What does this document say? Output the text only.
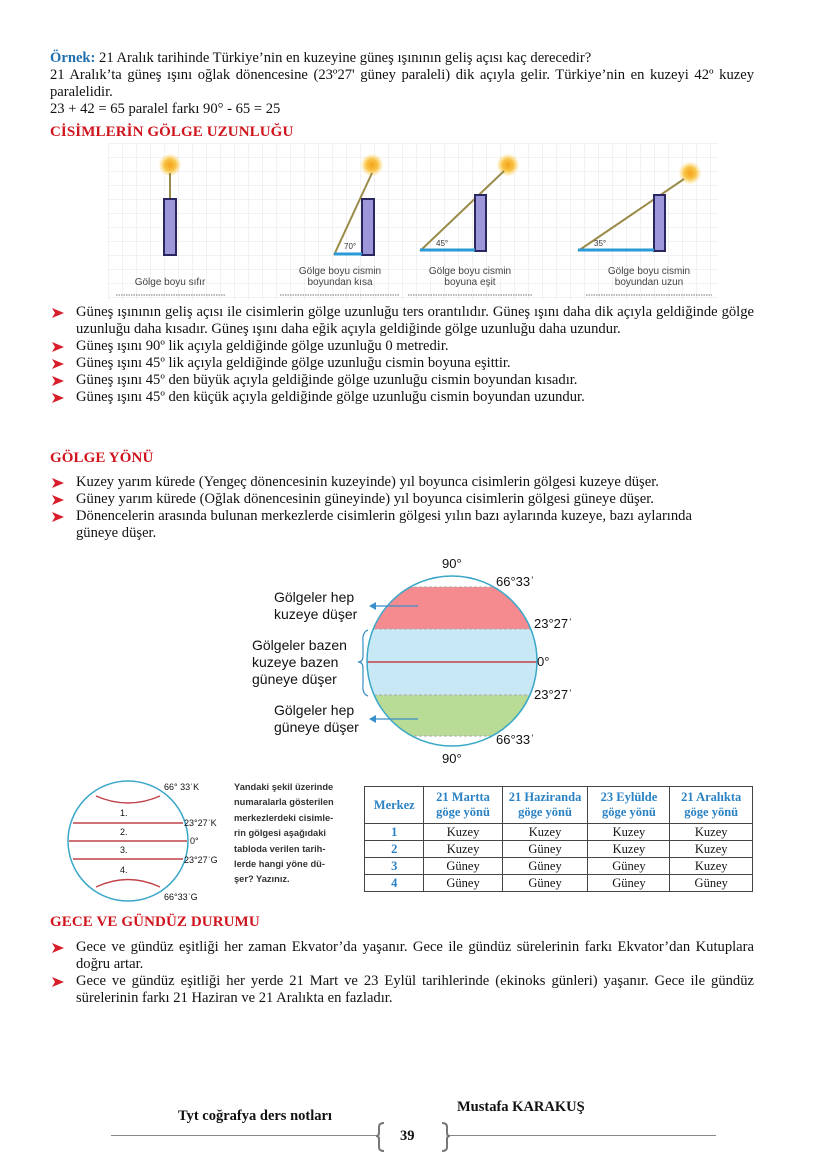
Örnek: 21 Aralık tarihinde Türkiye’nin en kuzeyine güneş ışınının geliş açısı kaç derecedir?
21 Aralık’ta güneş ışını oğlak dönencesine (23º27' güney paraleli) dik açıyla gelir. Türkiye’nin en kuzeyi 42º kuzey paralelidir.
23 + 42 = 65 paralel farkı 90° - 65 = 25
CİSİMLERİN GÖLGE UZUNLUĞU
70°	45°	35°
Gölge boyu sıfır
Gölge boyu cismin
boyundan kısa
Gölge boyu cismin
boyuna eşit
Gölge boyu cismin
boyundan uzun
Güneş ışınının geliş açısı ile cisimlerin gölge uzunluğu ters orantılıdır. Güneş ışını daha dik açıyla geldiğinde gölge uzunluğu daha kısadır. Güneş ışını daha eğik açıyla geldiğinde gölge uzunluğu daha uzundur.
Güneş ışını 90º lik açıyla geldiğinde gölge uzunluğu 0 metredir.
Güneş ışını 45º lik açıyla geldiğinde gölge uzunluğu cismin boyuna eşittir.
Güneş ışını 45º den büyük açıyla geldiğinde gölge uzunluğu cismin boyundan kısadır.
Güneş ışını 45º den küçük açıyla geldiğinde gölge uzunluğu cismin boyundan uzundur.
GÖLGE YÖNÜ
Kuzey yarım kürede (Yengeç dönencesinin kuzeyinde) yıl boyunca cisimlerin gölgesi kuzeye düşer.
Güney yarım kürede (Oğlak dönencesinin güneyinde) yıl boyunca cisimlerin gölgesi güneye düşer.
Dönencelerin arasında bulunan merkezlerde cisimlerin gölgesi yılın bazı aylarında kuzeye, bazı aylarında güneye düşer.
90°
66°33ˈ
23°27ˈ
0°
23°27ˈ
66°33ˈ
90°
Gölgeler hep
kuzeye düşer
Gölgeler bazen
kuzeye bazen
güneye düşer
Gölgeler hep
güneye düşer
66° 33ˈK
23°27ˈK
0°
23°27ˈG
66°33ˈG
1.
2.
3.
4.
Yandaki şekil üzerinde
numaralarla gösterilen
merkezlerdeki cisimle-
rin gölgesi aşağıdaki
tabloda verilen tarih-
lerde hangi yöne dü-
şer? Yazınız.
Merkez	
21 Martta
göge yönü

21 Haziranda
göge yönü

23 Eylülde
göge yönü

21 Aralıkta
göge yönü

1	Kuzey	Kuzey	Kuzey	Kuzey
2	Kuzey	Güney	Kuzey	Kuzey
3	Güney	Güney	Güney	Kuzey
4	Güney	Güney	Güney	Güney
GECE VE GÜNDÜZ DURUMU
Gece ve gündüz eşitliği her zaman Ekvator’da yaşanır. Gece ile gündüz sürelerinin farkı Ekvator’dan Kutuplara doğru artar.
Gece ve gündüz eşitliği her yerde 21 Mart ve 23 Eylül tarihlerinde (ekinoks günleri) yaşanır. Gece ile gündüz sürelerinin farkı 21 Haziran ve 21 Aralıkta en fazladır.
Tyt coğrafya ders notları
Mustafa KARAKUŞ
39
